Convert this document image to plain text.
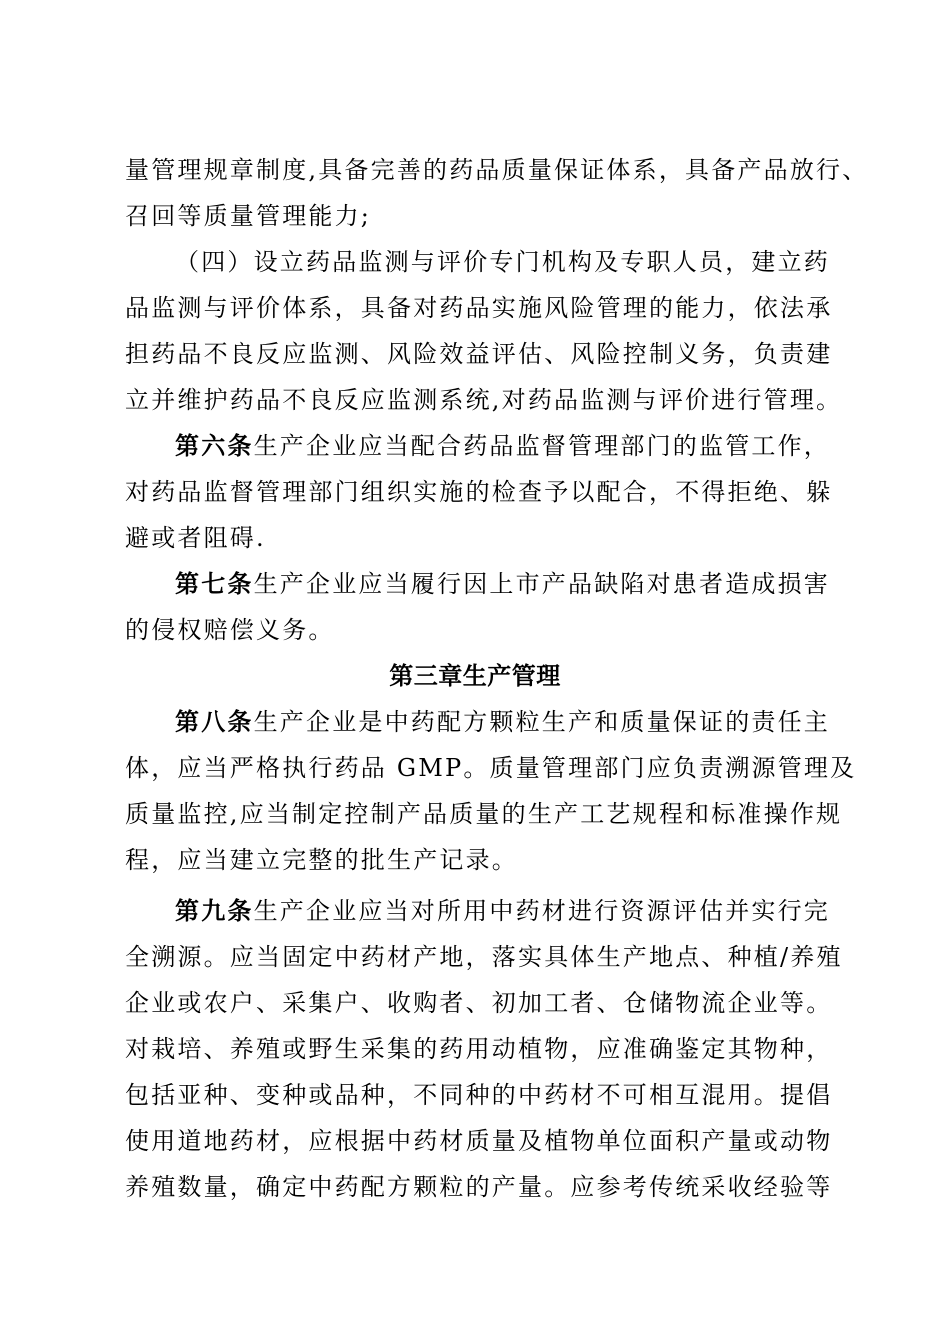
量管理规章制度,具备完善的药品质量保证体系，具备产品放行、
召回等质量管理能力;
（四）设立药品监测与评价专门机构及专职人员，建立药
品监测与评价体系，具备对药品实施风险管理的能力，依法承
担药品不良反应监测、风险效益评估、风险控制义务，负责建
立并维护药品不良反应监测系统,对药品监测与评价进行管理。
第六条生产企业应当配合药品监督管理部门的监管工作，
对药品监督管理部门组织实施的检查予以配合，不得拒绝、躲
避或者阻碍.
第七条生产企业应当履行因上市产品缺陷对患者造成损害
的侵权赔偿义务。
第三章生产管理
第八条生产企业是中药配方颗粒生产和质量保证的责任主
体，应当严格执行药品 GMP。质量管理部门应负责溯源管理及
质量监控,应当制定控制产品质量的生产工艺规程和标准操作规
程，应当建立完整的批生产记录。
第九条生产企业应当对所用中药材进行资源评估并实行完
全溯源。应当固定中药材产地，落实具体生产地点、种植/养殖
企业或农户、采集户、收购者、初加工者、仓储物流企业等。
对栽培、养殖或野生采集的药用动植物，应准确鉴定其物种，
包括亚种、变种或品种，不同种的中药材不可相互混用。提倡
使用道地药材，应根据中药材质量及植物单位面积产量或动物
养殖数量，确定中药配方颗粒的产量。应参考传统采收经验等
